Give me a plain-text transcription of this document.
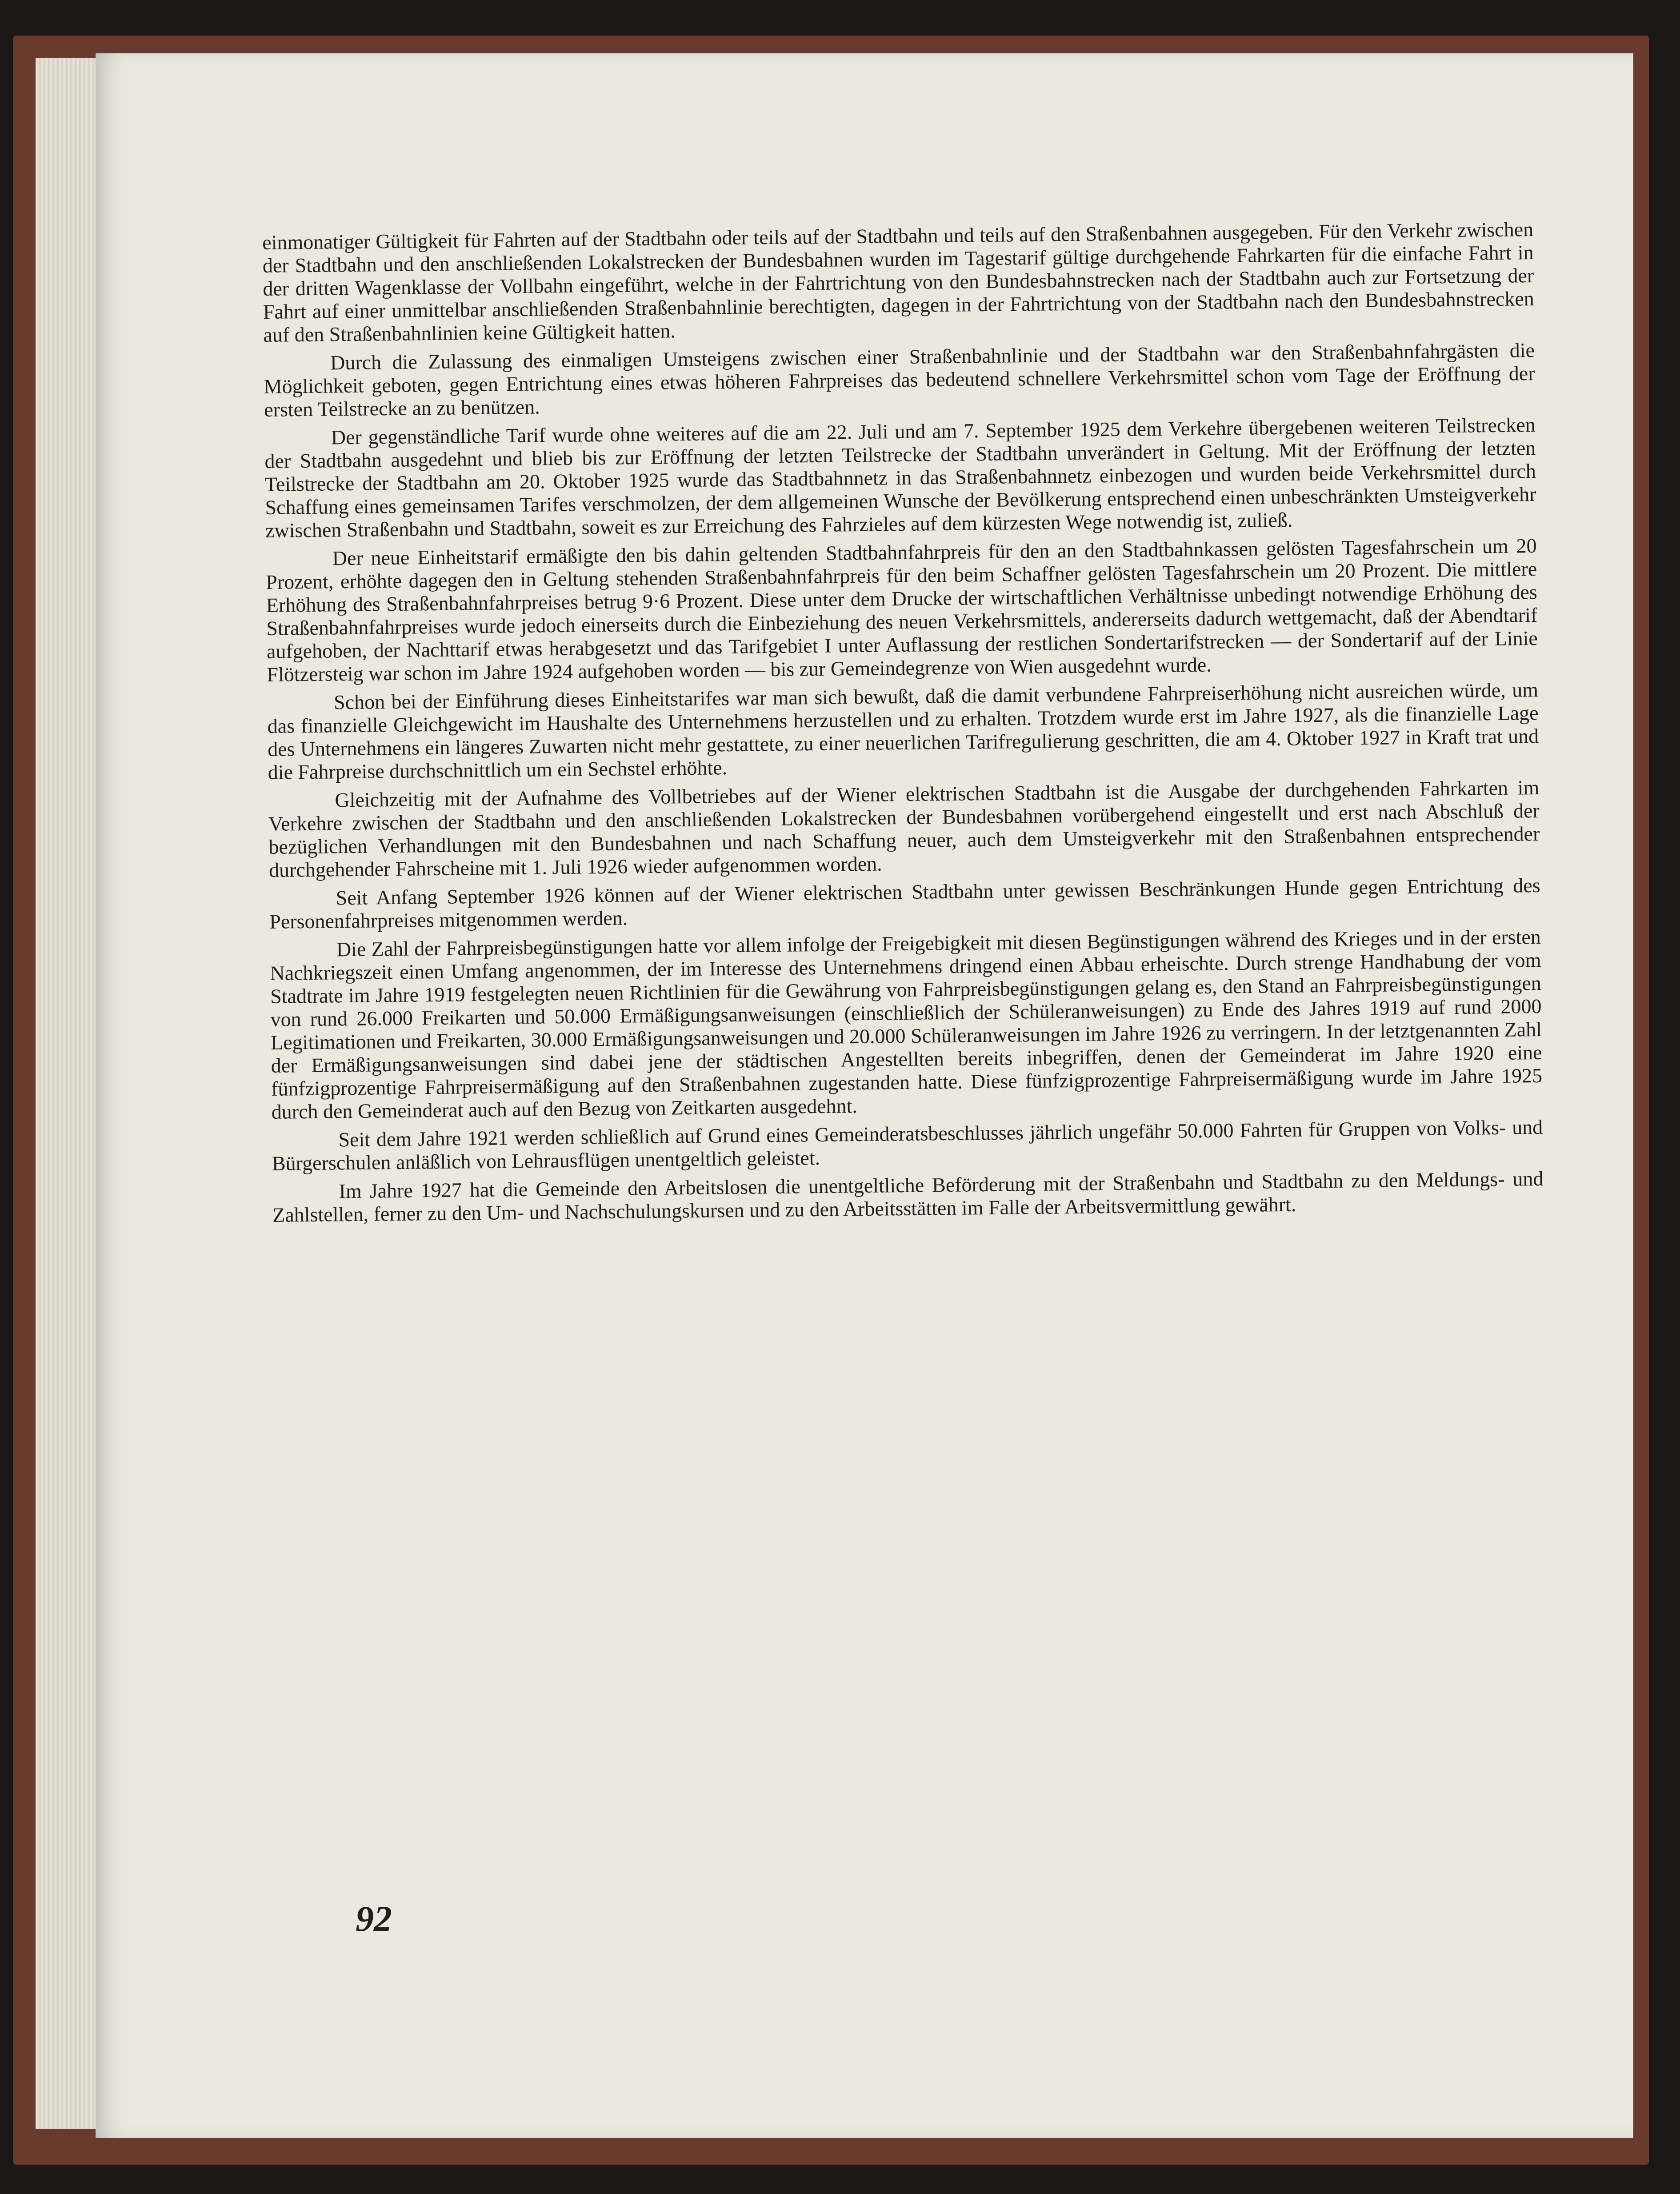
einmonatiger Gültigkeit für Fahrten auf der Stadtbahn oder teils auf der Stadtbahn und teils auf den Straßenbahnen ausgegeben. Für den Verkehr zwischen der Stadtbahn und den anschließenden Lokalstrecken der Bundesbahnen wurden im Tagestarif gültige durchgehende Fahrkarten für die einfache Fahrt in der dritten Wagenklasse der Vollbahn eingeführt, welche in der Fahrtrichtung von den Bundesbahnstrecken nach der Stadtbahn auch zur Fortsetzung der Fahrt auf einer unmittelbar anschließenden Straßenbahnlinie berechtigten, dagegen in der Fahrtrichtung von der Stadtbahn nach den Bundesbahnstrecken auf den Straßenbahnlinien keine Gültigkeit hatten.

Durch die Zulassung des einmaligen Umsteigens zwischen einer Straßenbahnlinie und der Stadtbahn war den Straßenbahnfahrgästen die Möglichkeit geboten, gegen Entrichtung eines etwas höheren Fahrpreises das bedeutend schnellere Verkehrsmittel schon vom Tage der Eröffnung der ersten Teilstrecke an zu benützen.

Der gegenständliche Tarif wurde ohne weiteres auf die am 22. Juli und am 7. September 1925 dem Verkehre übergebenen weiteren Teilstrecken der Stadtbahn ausgedehnt und blieb bis zur Eröffnung der letzten Teilstrecke der Stadtbahn unverändert in Geltung. Mit der Eröffnung der letzten Teilstrecke der Stadtbahn am 20. Oktober 1925 wurde das Stadtbahnnetz in das Straßenbahnnetz einbezogen und wurden beide Verkehrsmittel durch Schaffung eines gemeinsamen Tarifes verschmolzen, der dem allgemeinen Wunsche der Bevölkerung entsprechend einen unbeschränkten Umsteigverkehr zwischen Straßenbahn und Stadtbahn, soweit es zur Erreichung des Fahrzieles auf dem kürzesten Wege notwendig ist, zuließ.

Der neue Einheitstarif ermäßigte den bis dahin geltenden Stadtbahnfahrpreis für den an den Stadtbahnkassen gelösten Tagesfahrschein um 20 Prozent, erhöhte dagegen den in Geltung stehenden Straßenbahnfahrpreis für den beim Schaffner gelösten Tagesfahrschein um 20 Prozent. Die mittlere Erhöhung des Straßenbahnfahrpreises betrug 9·6 Prozent. Diese unter dem Drucke der wirtschaftlichen Verhältnisse unbedingt notwendige Erhöhung des Straßenbahnfahrpreises wurde jedoch einerseits durch die Einbeziehung des neuen Verkehrsmittels, andererseits dadurch wettgemacht, daß der Abendtarif aufgehoben, der Nachttarif etwas herabgesetzt und das Tarifgebiet I unter Auflassung der restlichen Sondertarifstrecken — der Sondertarif auf der Linie Flötzersteig war schon im Jahre 1924 aufgehoben worden — bis zur Gemeindegrenze von Wien ausgedehnt wurde.

Schon bei der Einführung dieses Einheitstarifes war man sich bewußt, daß die damit verbundene Fahrpreiserhöhung nicht ausreichen würde, um das finanzielle Gleichgewicht im Haushalte des Unternehmens herzustellen und zu erhalten. Trotzdem wurde erst im Jahre 1927, als die finanzielle Lage des Unternehmens ein längeres Zuwarten nicht mehr gestattete, zu einer neuerlichen Tarifregulierung geschritten, die am 4. Oktober 1927 in Kraft trat und die Fahrpreise durchschnittlich um ein Sechstel erhöhte.

Gleichzeitig mit der Aufnahme des Vollbetriebes auf der Wiener elektrischen Stadtbahn ist die Ausgabe der durchgehenden Fahrkarten im Verkehre zwischen der Stadtbahn und den anschließenden Lokalstrecken der Bundesbahnen vorübergehend eingestellt und erst nach Abschluß der bezüglichen Verhandlungen mit den Bundesbahnen und nach Schaffung neuer, auch dem Umsteigverkehr mit den Straßenbahnen entsprechender durchgehender Fahrscheine mit 1. Juli 1926 wieder aufgenommen worden.

Seit Anfang September 1926 können auf der Wiener elektrischen Stadtbahn unter gewissen Beschränkungen Hunde gegen Entrichtung des Personenfahrpreises mitgenommen werden.

Die Zahl der Fahrpreisbegünstigungen hatte vor allem infolge der Freigebigkeit mit diesen Begünstigungen während des Krieges und in der ersten Nachkriegszeit einen Umfang angenommen, der im Interesse des Unternehmens dringend einen Abbau erheischte. Durch strenge Handhabung der vom Stadtrate im Jahre 1919 festgelegten neuen Richtlinien für die Gewährung von Fahrpreisbegünstigungen gelang es, den Stand an Fahrpreisbegünstigungen von rund 26.000 Freikarten und 50.000 Ermäßigungsanweisungen (einschließlich der Schüleranweisungen) zu Ende des Jahres 1919 auf rund 2000 Legitimationen und Freikarten, 30.000 Ermäßigungsanweisungen und 20.000 Schüleranweisungen im Jahre 1926 zu verringern. In der letztgenannten Zahl der Ermäßigungsanweisungen sind dabei jene der städtischen Angestellten bereits inbegriffen, denen der Gemeinderat im Jahre 1920 eine fünfzigprozentige Fahrpreisermäßigung auf den Straßenbahnen zugestanden hatte. Diese fünfzigprozentige Fahrpreisermäßigung wurde im Jahre 1925 durch den Gemeinderat auch auf den Bezug von Zeitkarten ausgedehnt.

Seit dem Jahre 1921 werden schließlich auf Grund eines Gemeinderatsbeschlusses jährlich ungefähr 50.000 Fahrten für Gruppen von Volks- und Bürgerschulen anläßlich von Lehrausflügen unentgeltlich geleistet.

Im Jahre 1927 hat die Gemeinde den Arbeitslosen die unentgeltliche Beförderung mit der Straßenbahn und Stadtbahn zu den Meldungs- und Zahlstellen, ferner zu den Um- und Nachschulungskursen und zu den Arbeitsstätten im Falle der Arbeitsvermittlung gewährt.

92
